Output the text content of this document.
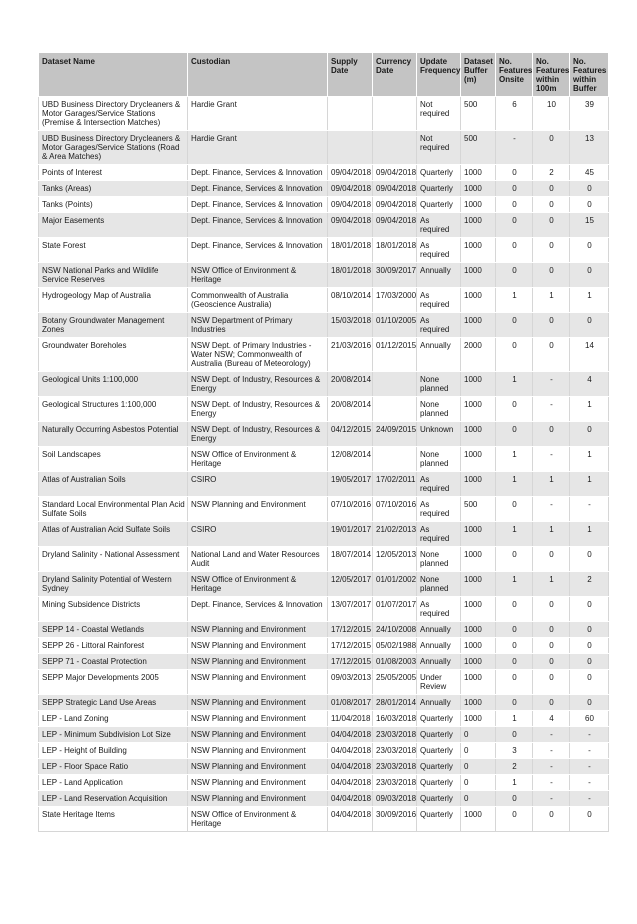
Dataset Name	Custodian	Supply Date	Currency Date	Update Frequency	Dataset Buffer (m)	No. Features Onsite	No. Features within 100m	No. Features within Buffer
UBD Business Directory Drycleaners & Motor Garages/Service Stations (Premise & Intersection Matches)	Hardie Grant			Not required	500	6	10	39
UBD Business Directory Drycleaners & Motor Garages/Service Stations (Road & Area Matches)	Hardie Grant			Not required	500	-	0	13
Points of Interest	Dept. Finance, Services & Innovation	09/04/2018	09/04/2018	Quarterly	1000	0	2	45
Tanks (Areas)	Dept. Finance, Services & Innovation	09/04/2018	09/04/2018	Quarterly	1000	0	0	0
Tanks (Points)	Dept. Finance, Services & Innovation	09/04/2018	09/04/2018	Quarterly	1000	0	0	0
Major Easements	Dept. Finance, Services & Innovation	09/04/2018	09/04/2018	As required	1000	0	0	15
State Forest	Dept. Finance, Services & Innovation	18/01/2018	18/01/2018	As required	1000	0	0	0
NSW National Parks and Wildlife Service Reserves	NSW Office of Environment & Heritage	18/01/2018	30/09/2017	Annually	1000	0	0	0
Hydrogeology Map of Australia	Commonwealth of Australia (Geoscience Australia)	08/10/2014	17/03/2000	As required	1000	1	1	1
Botany Groundwater Management Zones	NSW Department of Primary Industries	15/03/2018	01/10/2005	As required	1000	0	0	0
Groundwater Boreholes	NSW Dept. of Primary Industries - Water NSW; Commonwealth of Australia (Bureau of Meteorology)	21/03/2016	01/12/2015	Annually	2000	0	0	14
Geological Units 1:100,000	NSW Dept. of Industry, Resources & Energy	20/08/2014		None planned	1000	1	-	4
Geological Structures 1:100,000	NSW Dept. of Industry, Resources & Energy	20/08/2014		None planned	1000	0	-	1
Naturally Occurring Asbestos Potential	NSW Dept. of Industry, Resources & Energy	04/12/2015	24/09/2015	Unknown	1000	0	0	0
Soil Landscapes	NSW Office of Environment & Heritage	12/08/2014		None planned	1000	1	-	1
Atlas of Australian Soils	CSIRO	19/05/2017	17/02/2011	As required	1000	1	1	1
Standard Local Environmental Plan Acid Sulfate Soils	NSW Planning and Environment	07/10/2016	07/10/2016	As required	500	0	-	-
Atlas of Australian Acid Sulfate Soils	CSIRO	19/01/2017	21/02/2013	As required	1000	1	1	1
Dryland Salinity - National Assessment	National Land and Water Resources Audit	18/07/2014	12/05/2013	None planned	1000	0	0	0
Dryland Salinity Potential of Western Sydney	NSW Office of Environment & Heritage	12/05/2017	01/01/2002	None planned	1000	1	1	2
Mining Subsidence Districts	Dept. Finance, Services & Innovation	13/07/2017	01/07/2017	As required	1000	0	0	0
SEPP 14 - Coastal Wetlands	NSW Planning and Environment	17/12/2015	24/10/2008	Annually	1000	0	0	0
SEPP 26 - Littoral Rainforest	NSW Planning and Environment	17/12/2015	05/02/1988	Annually	1000	0	0	0
SEPP 71 - Coastal Protection	NSW Planning and Environment	17/12/2015	01/08/2003	Annually	1000	0	0	0
SEPP Major Developments 2005	NSW Planning and Environment	09/03/2013	25/05/2005	Under Review	1000	0	0	0
SEPP Strategic Land Use Areas	NSW Planning and Environment	01/08/2017	28/01/2014	Annually	1000	0	0	0
LEP - Land Zoning	NSW Planning and Environment	11/04/2018	16/03/2018	Quarterly	1000	1	4	60
LEP - Minimum Subdivision Lot Size	NSW Planning and Environment	04/04/2018	23/03/2018	Quarterly	0	0	-	-
LEP - Height of Building	NSW Planning and Environment	04/04/2018	23/03/2018	Quarterly	0	3	-	-
LEP - Floor Space Ratio	NSW Planning and Environment	04/04/2018	23/03/2018	Quarterly	0	2	-	-
LEP - Land Application	NSW Planning and Environment	04/04/2018	23/03/2018	Quarterly	0	1	-	-
LEP - Land Reservation Acquisition	NSW Planning and Environment	04/04/2018	09/03/2018	Quarterly	0	0	-	-
State Heritage Items	NSW Office of Environment & Heritage	04/04/2018	30/09/2016	Quarterly	1000	0	0	0
